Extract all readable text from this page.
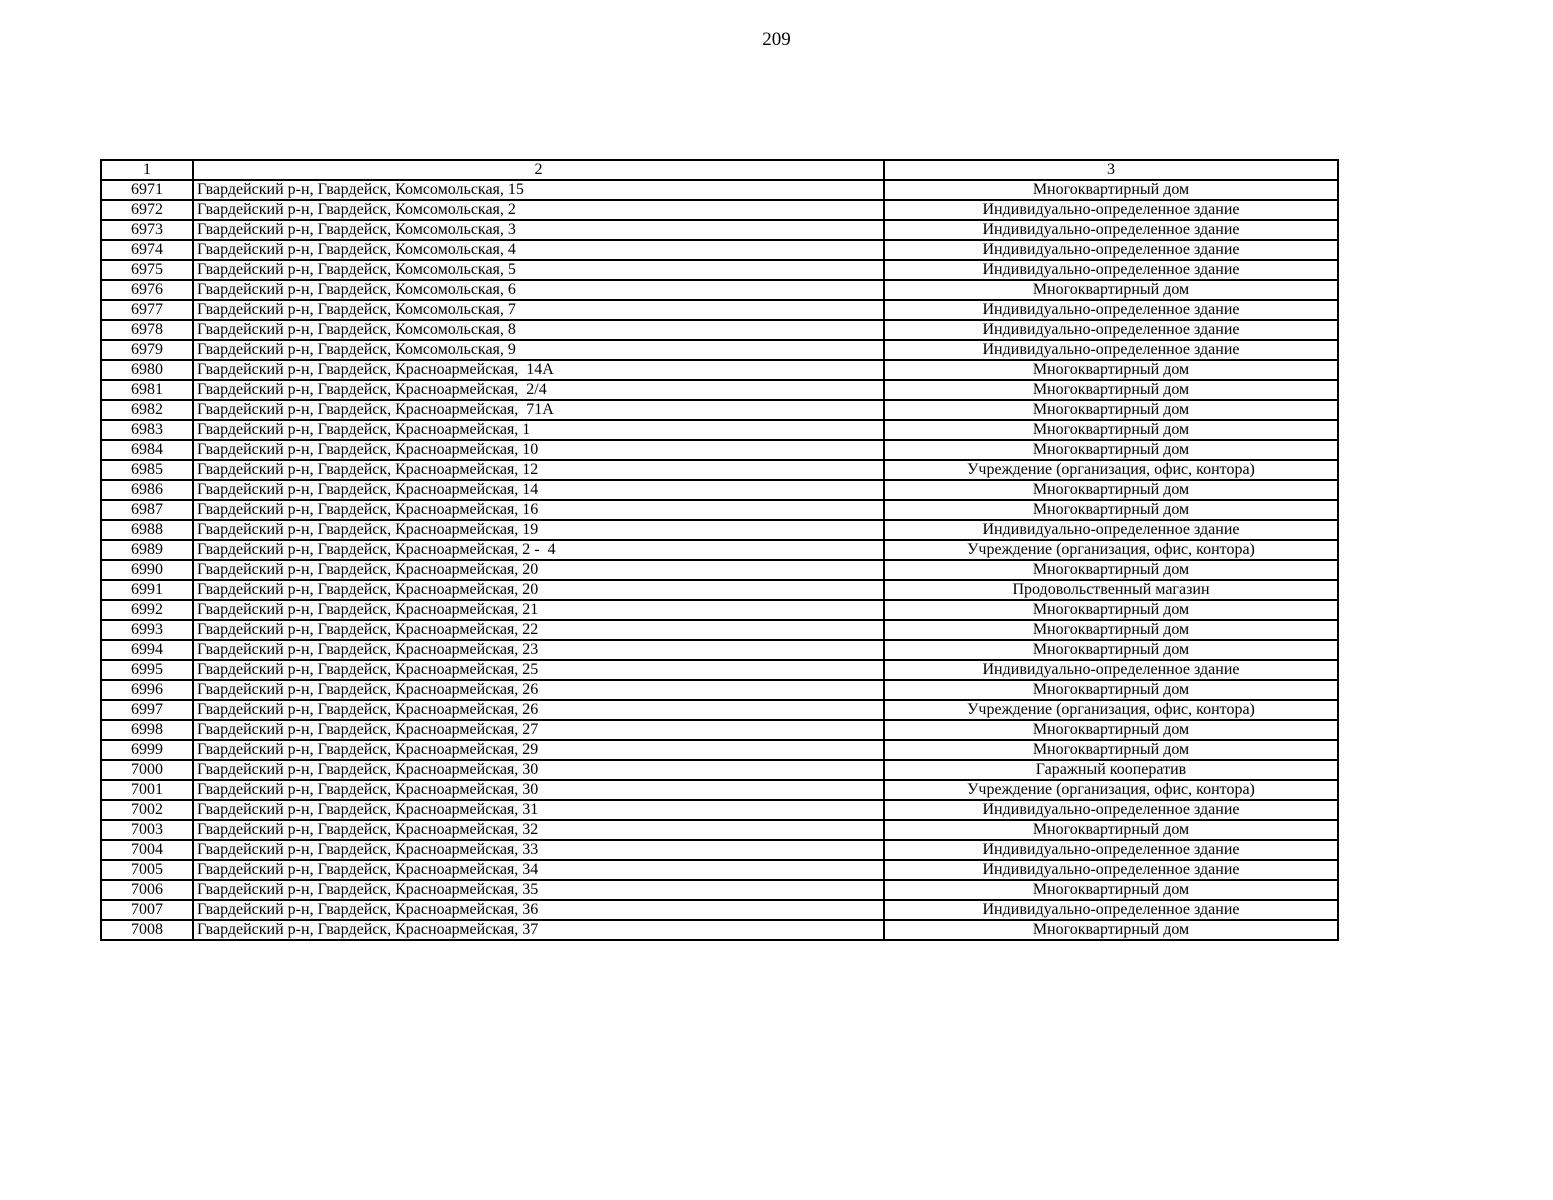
209
1	2	3
6971	Гвардейский р-н, Гвардейск, Комсомольская, 15	Многоквартирный дом
6972	Гвардейский р-н, Гвардейск, Комсомольская, 2	Индивидуально-определенное здание
6973	Гвардейский р-н, Гвардейск, Комсомольская, 3	Индивидуально-определенное здание
6974	Гвардейский р-н, Гвардейск, Комсомольская, 4	Индивидуально-определенное здание
6975	Гвардейский р-н, Гвардейск, Комсомольская, 5	Индивидуально-определенное здание
6976	Гвардейский р-н, Гвардейск, Комсомольская, 6	Многоквартирный дом
6977	Гвардейский р-н, Гвардейск, Комсомольская, 7	Индивидуально-определенное здание
6978	Гвардейский р-н, Гвардейск, Комсомольская, 8	Индивидуально-определенное здание
6979	Гвардейский р-н, Гвардейск, Комсомольская, 9	Индивидуально-определенное здание
6980	Гвардейский р-н, Гвардейск, Красноармейская,  14А	Многоквартирный дом
6981	Гвардейский р-н, Гвардейск, Красноармейская,  2/4	Многоквартирный дом
6982	Гвардейский р-н, Гвардейск, Красноармейская,  71А	Многоквартирный дом
6983	Гвардейский р-н, Гвардейск, Красноармейская, 1	Многоквартирный дом
6984	Гвардейский р-н, Гвардейск, Красноармейская, 10	Многоквартирный дом
6985	Гвардейский р-н, Гвардейск, Красноармейская, 12	Учреждение (организация, офис, контора)
6986	Гвардейский р-н, Гвардейск, Красноармейская, 14	Многоквартирный дом
6987	Гвардейский р-н, Гвардейск, Красноармейская, 16	Многоквартирный дом
6988	Гвардейский р-н, Гвардейск, Красноармейская, 19	Индивидуально-определенное здание
6989	Гвардейский р-н, Гвардейск, Красноармейская, 2 -  4	Учреждение (организация, офис, контора)
6990	Гвардейский р-н, Гвардейск, Красноармейская, 20	Многоквартирный дом
6991	Гвардейский р-н, Гвардейск, Красноармейская, 20	Продовольственный магазин
6992	Гвардейский р-н, Гвардейск, Красноармейская, 21	Многоквартирный дом
6993	Гвардейский р-н, Гвардейск, Красноармейская, 22	Многоквартирный дом
6994	Гвардейский р-н, Гвардейск, Красноармейская, 23	Многоквартирный дом
6995	Гвардейский р-н, Гвардейск, Красноармейская, 25	Индивидуально-определенное здание
6996	Гвардейский р-н, Гвардейск, Красноармейская, 26	Многоквартирный дом
6997	Гвардейский р-н, Гвардейск, Красноармейская, 26	Учреждение (организация, офис, контора)
6998	Гвардейский р-н, Гвардейск, Красноармейская, 27	Многоквартирный дом
6999	Гвардейский р-н, Гвардейск, Красноармейская, 29	Многоквартирный дом
7000	Гвардейский р-н, Гвардейск, Красноармейская, 30	Гаражный кооператив
7001	Гвардейский р-н, Гвардейск, Красноармейская, 30	Учреждение (организация, офис, контора)
7002	Гвардейский р-н, Гвардейск, Красноармейская, 31	Индивидуально-определенное здание
7003	Гвардейский р-н, Гвардейск, Красноармейская, 32	Многоквартирный дом
7004	Гвардейский р-н, Гвардейск, Красноармейская, 33	Индивидуально-определенное здание
7005	Гвардейский р-н, Гвардейск, Красноармейская, 34	Индивидуально-определенное здание
7006	Гвардейский р-н, Гвардейск, Красноармейская, 35	Многоквартирный дом
7007	Гвардейский р-н, Гвардейск, Красноармейская, 36	Индивидуально-определенное здание
7008	Гвардейский р-н, Гвардейск, Красноармейская, 37	Многоквартирный дом
